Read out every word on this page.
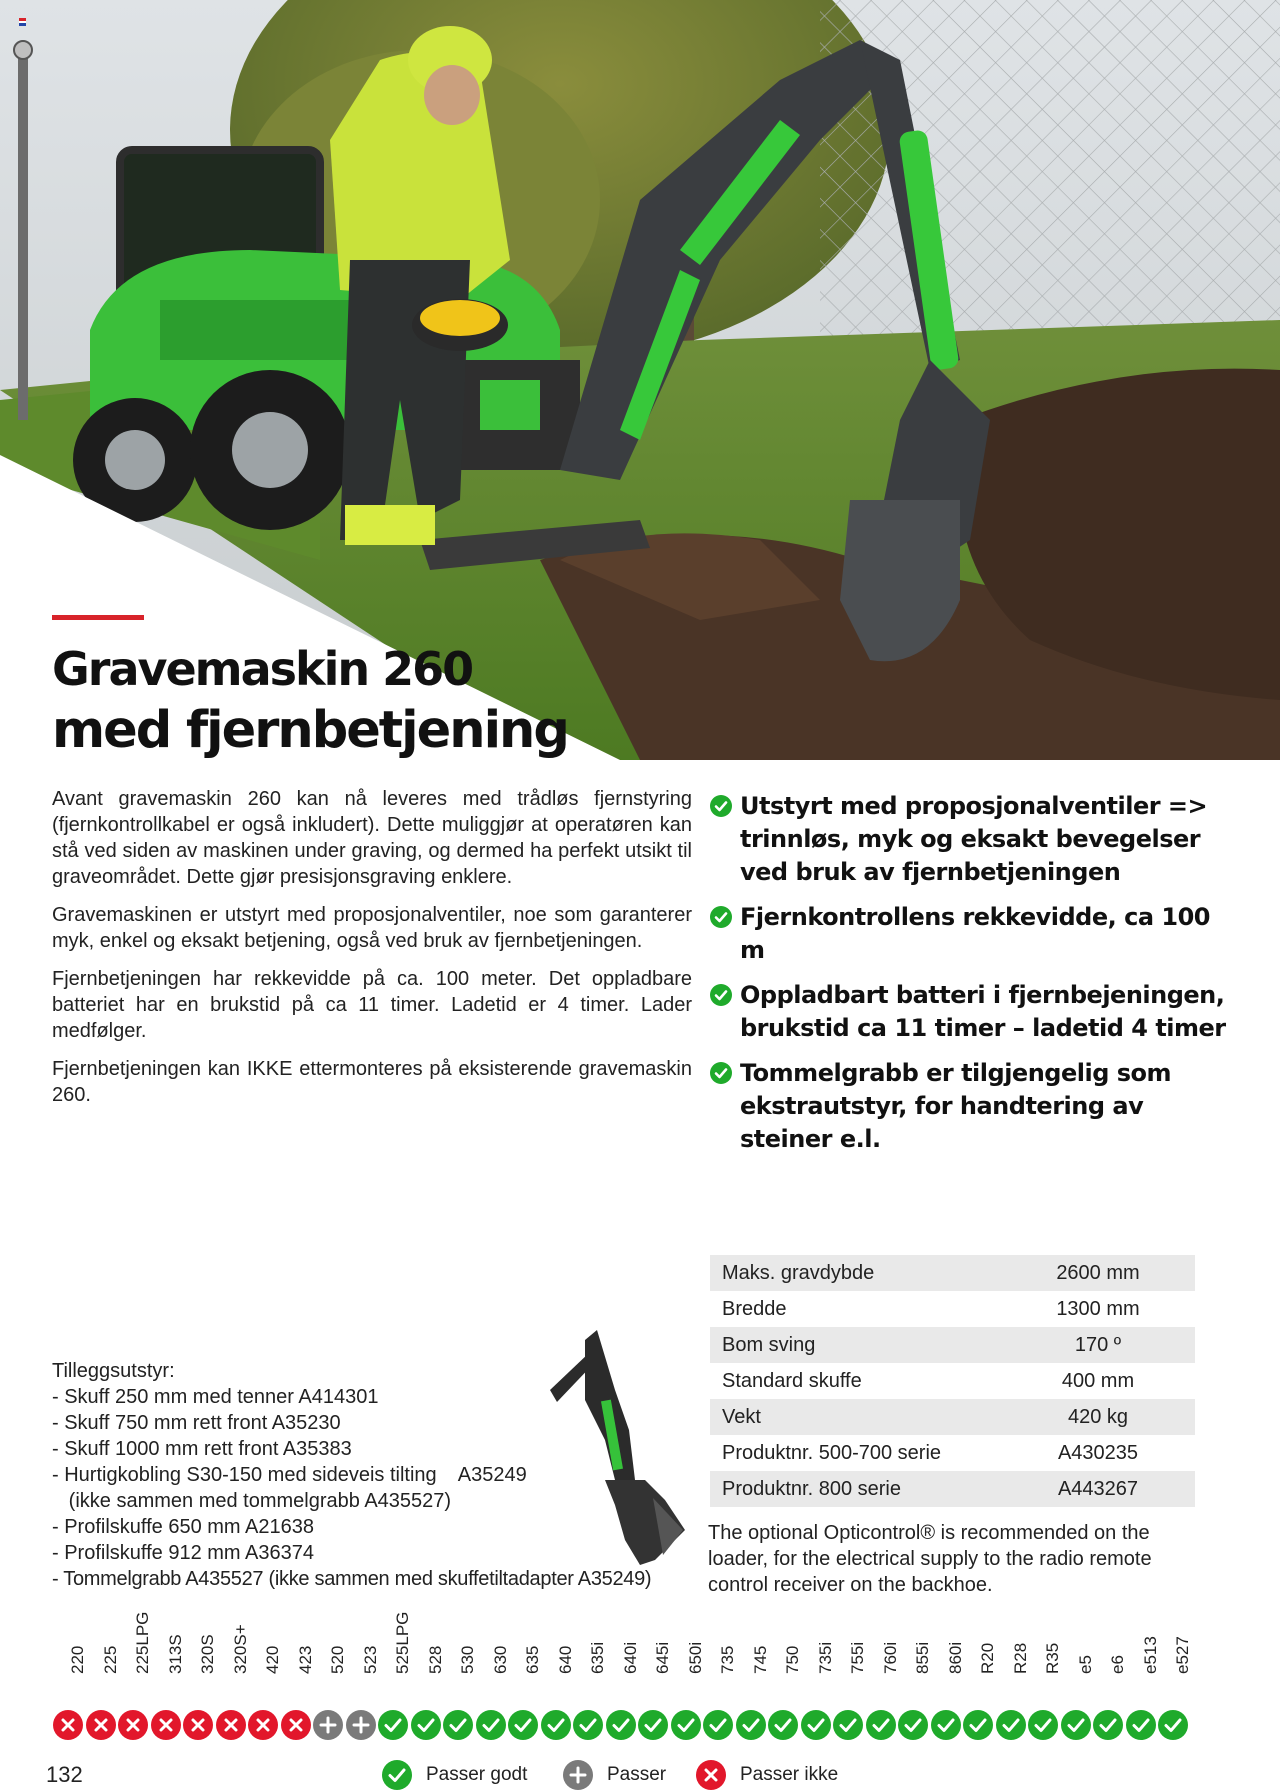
Gravemaskin 260
med fjernbetjening

Avant gravemaskin 260 kan nå leveres med trådløs fjernstyring (fjernkontrollkabel er også inkludert). Dette muliggjør at operatøren kan stå ved siden av maskinen under graving, og dermed ha perfekt utsikt til graveområdet. Dette gjør presisjonsgraving enklere.

Gravemaskinen er utstyrt med proposjonalventiler, noe som garanterer myk, enkel og eksakt betjening, også ved bruk av fjernbetjeningen.

Fjernbetjeningen har rekkevidde på ca. 100 meter. Det oppladbare batteriet har en brukstid på ca 11 timer. Ladetid er 4 timer. Lader medfølger.

Fjernbetjeningen kan IKKE ettermonteres på eksisterende gravemaskin 260.

Utstyrt med proposjonalventiler => trinnløs, myk og eksakt bevegelser ved bruk av fjernbetjeningen
Fjernkontrollens rekkevidde, ca 100 m
Oppladbart batteri i fjernbejeningen, brukstid ca 11 timer – ladetid 4 timer
Tommelgrabb er tilgjengelig som ekstrautstyr, for handtering av steiner e.l.
Tilleggsutstyr:
- Skuff 250 mm med tenner A414301
- Skuff 750 mm rett front A35230
- Skuff 1000 mm rett front A35383
- Hurtigkobling S30-150 med sideveis tilting    A35249
(ikke sammen med tommelgrabb A435527)
- Profilskuffe 650 mm A21638
- Profilskuffe 912 mm A36374
- Tommelgrabb A435527 (ikke sammen med skuffetiltadapter A35249)
Maks. gravdybde	2600 mm
Bredde	1300 mm
Bom sving	170 º
Standard skuffe	400 mm
Vekt	420 kg
Produktnr. 500-700 serie	A430235
Produktnr. 800 serie	A443267

The optional Opticontrol® is recommended on the loader, for the electrical supply to the radio remote control receiver on the backhoe.

220 225 225LPG 313S 320S 320S+ 420 423 520 523 525LPG 528 530 630 635 640 635i 640i 645i 650i 735 745 750 735i 755i 760i 855i 860i R20 R28 R35 e5 e6 e513 e527
132	Passer godt	Passer	Passer ikke
